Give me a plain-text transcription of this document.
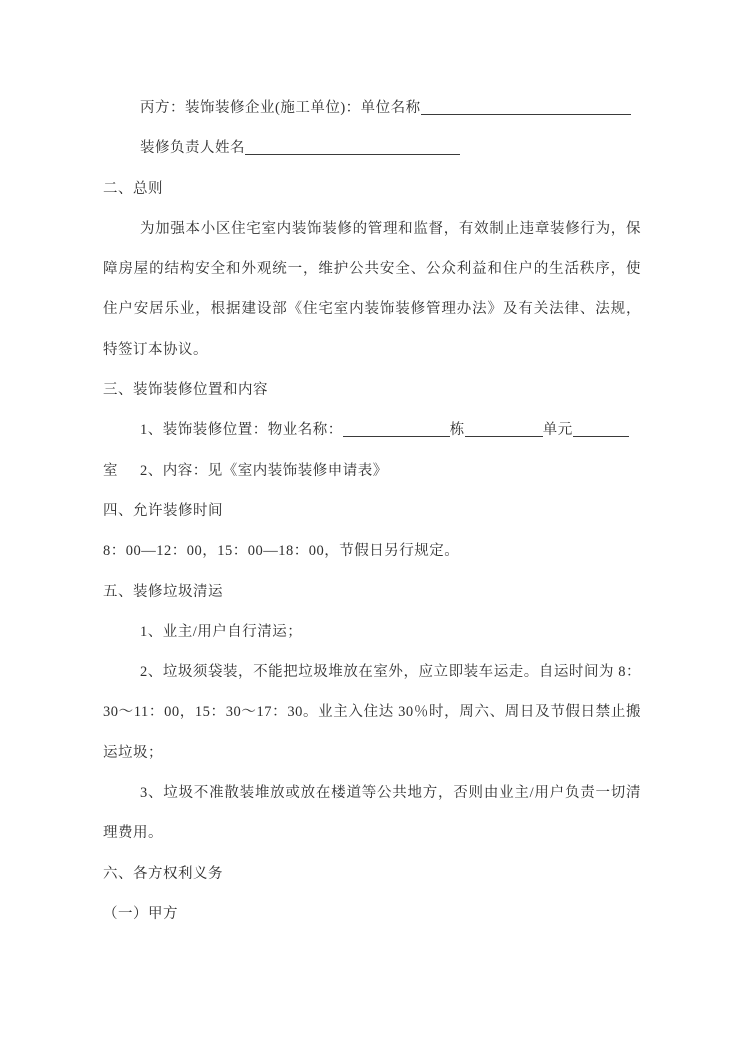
丙方：装饰装修企业(施工单位)：单位名称
装修负责人姓名
二、总则
为加强本小区住宅室内装饰装修的管理和监督，有效制止违章装修行为，保
障房屋的结构安全和外观统一，维护公共安全、公众利益和住户的生活秩序，使
住户安居乐业，根据建设部《住宅室内装饰装修管理办法》及有关法律、法规，
特签订本协议。
三、装饰装修位置和内容
1、装饰装修位置：物业名称：	栋	单元室	2、内容：见《室内装饰装修申请表》
四、允许装修时间
8：00—12：00，15：00—18：00，节假日另行规定。
五、装修垃圾清运
1、业主/用户自行清运；
2、垃圾须袋装，不能把垃圾堆放在室外，应立即装车运走。自运时间为 8：
30～11：00，15：30～17：30。业主入住达 30％时，周六、周日及节假日禁止搬
运垃圾；
3、垃圾不准散装堆放或放在楼道等公共地方，否则由业主/用户负责一切清
理费用。
六、各方权利义务
（一）甲方
